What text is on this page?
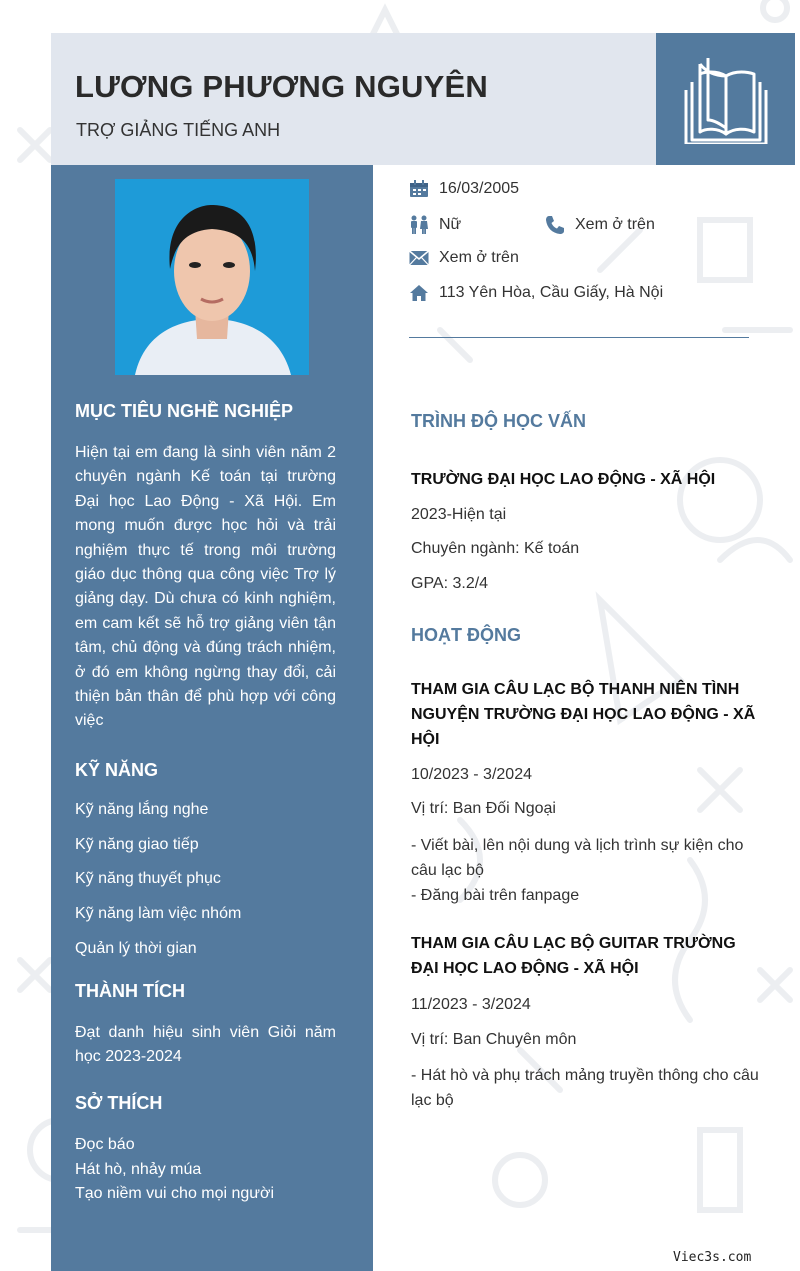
LƯƠNG PHƯƠNG NGUYÊN
TRỢ GIẢNG TIẾNG ANH
MỤC TIÊU NGHỀ NGHIỆP
Hiện tại em đang là sinh viên năm 2 chuyên ngành Kế toán tại trường Đại học Lao Động - Xã Hội. Em mong muốn được học hỏi và trải nghiệm thực tế trong môi trường giáo dục thông qua công việc Trợ lý giảng dạy. Dù chưa có kinh nghiệm, em cam kết sẽ hỗ trợ giảng viên tận tâm, chủ động và đúng trách nhiệm, ở đó em không ngừng thay đổi, cải thiện bản thân để phù hợp với công việc
KỸ NĂNG
Kỹ năng lắng nghe
Kỹ năng giao tiếp
Kỹ năng thuyết phục
Kỹ năng làm việc nhóm
Quản lý thời gian
THÀNH TÍCH
Đạt danh hiệu sinh viên Giỏi năm học 2023-2024
SỞ THÍCH
Đọc báo
Hát hò, nhảy múa
Tạo niềm vui cho mọi người
16/03/2005
Nữ	Xem ở trên
Xem ở trên
113 Yên Hòa, Cầu Giấy, Hà Nội
TRÌNH ĐỘ HỌC VẤN
TRƯỜNG ĐẠI HỌC LAO ĐỘNG - XÃ HỘI
2023-Hiện tại
Chuyên ngành: Kế toán
GPA: 3.2/4
HOẠT ĐỘNG
THAM GIA CÂU LẠC BỘ THANH NIÊN TÌNH NGUYỆN TRƯỜNG ĐẠI HỌC LAO ĐỘNG - XÃ HỘI
10/2023 - 3/2024
Vị trí: Ban Đối Ngoại
- Viết bài, lên nội dung và lịch trình sự kiện cho câu lạc bộ
- Đăng bài trên fanpage
THAM GIA CÂU LẠC BỘ GUITAR TRƯỜNG ĐẠI HỌC LAO ĐỘNG - XÃ HỘI
11/2023 - 3/2024
Vị trí: Ban Chuyên môn
- Hát hò và phụ trách mảng truyền thông cho câu lạc bộ
Viec3s.com
